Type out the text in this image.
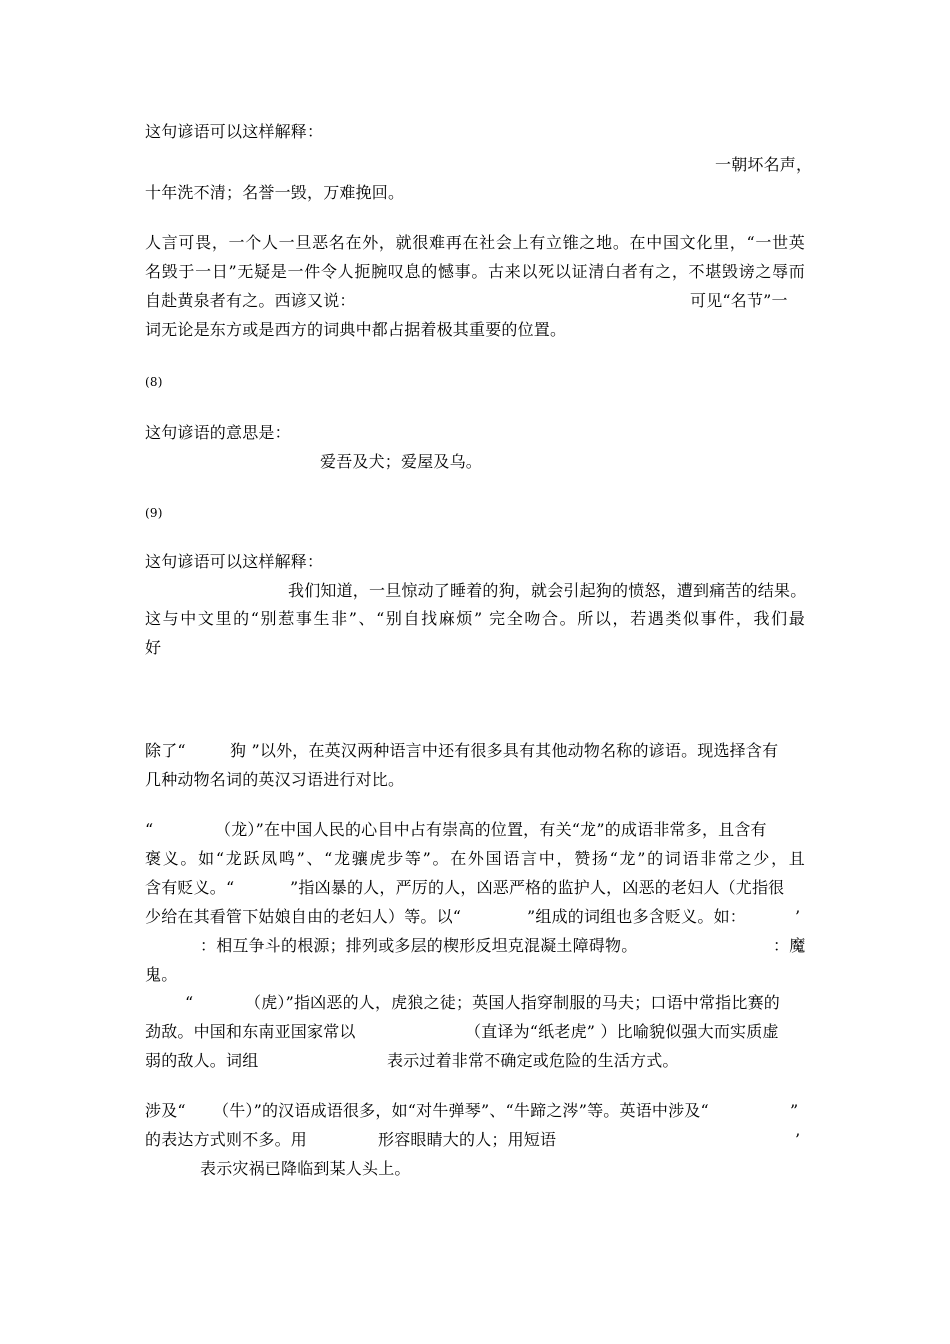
这句谚语可以这样解释：
一朝坏名声，
十年洗不清；名誉一毁，万难挽回。
人言可畏，一个人一旦恶名在外，就很难再在社会上有立锥之地。在中国文化里，“一世英
名毁于一日”无疑是一件令人扼腕叹息的憾事。古来以死以证清白者有之，不堪毁谤之辱而
自赴黄泉者有之。西谚又说：	可见“名节”一
词无论是东方或是西方的词典中都占据着极其重要的位置。
(8)
这句谚语的意思是：
爱吾及犬；爱屋及乌。
(9)
这句谚语可以这样解释：
我们知道，一旦惊动了睡着的狗，就会引起狗的愤怒，遭到痛苦的结果。
这与中文里的“别惹事生非”、“别自找麻烦” 完全吻合。所以，若遇类似事件，我们最
好
除了“	狗 ”以外，在英汉两种语言中还有很多具有其他动物名称的谚语。现选择含有
几种动物名词的英汉习语进行对比。
“	（龙）”在中国人民的心目中占有崇高的位置，有关“龙”的成语非常多，且含有
褒义。如“龙跃凤鸣”、“龙骧虎步等”。在外国语言中，赞扬“龙”的词语非常之少，且
含有贬义。“	”指凶暴的人，严厉的人，凶恶严格的监护人，凶恶的老妇人（尤指很
少给在其看管下姑娘自由的老妇人）等。以“	”组成的词组也多含贬义。如：	’
：相互争斗的根源；排列或多层的楔形反坦克混凝土障碍物。	：魔
鬼。
“	（虎）”指凶恶的人，虎狼之徒；英国人指穿制服的马夫；口语中常指比赛的
劲敌。中国和东南亚国家常以	（直译为“纸老虎” ）比喻貌似强大而实质虚
弱的敌人。词组	表示过着非常不确定或危险的生活方式。
涉及“ （牛）”的汉语成语很多，如“对牛弹琴”、“牛蹄之涔”等。英语中涉及“	”
的表达方式则不多。用	形容眼睛大的人；用短语	’
表示灾祸已降临到某人头上。
